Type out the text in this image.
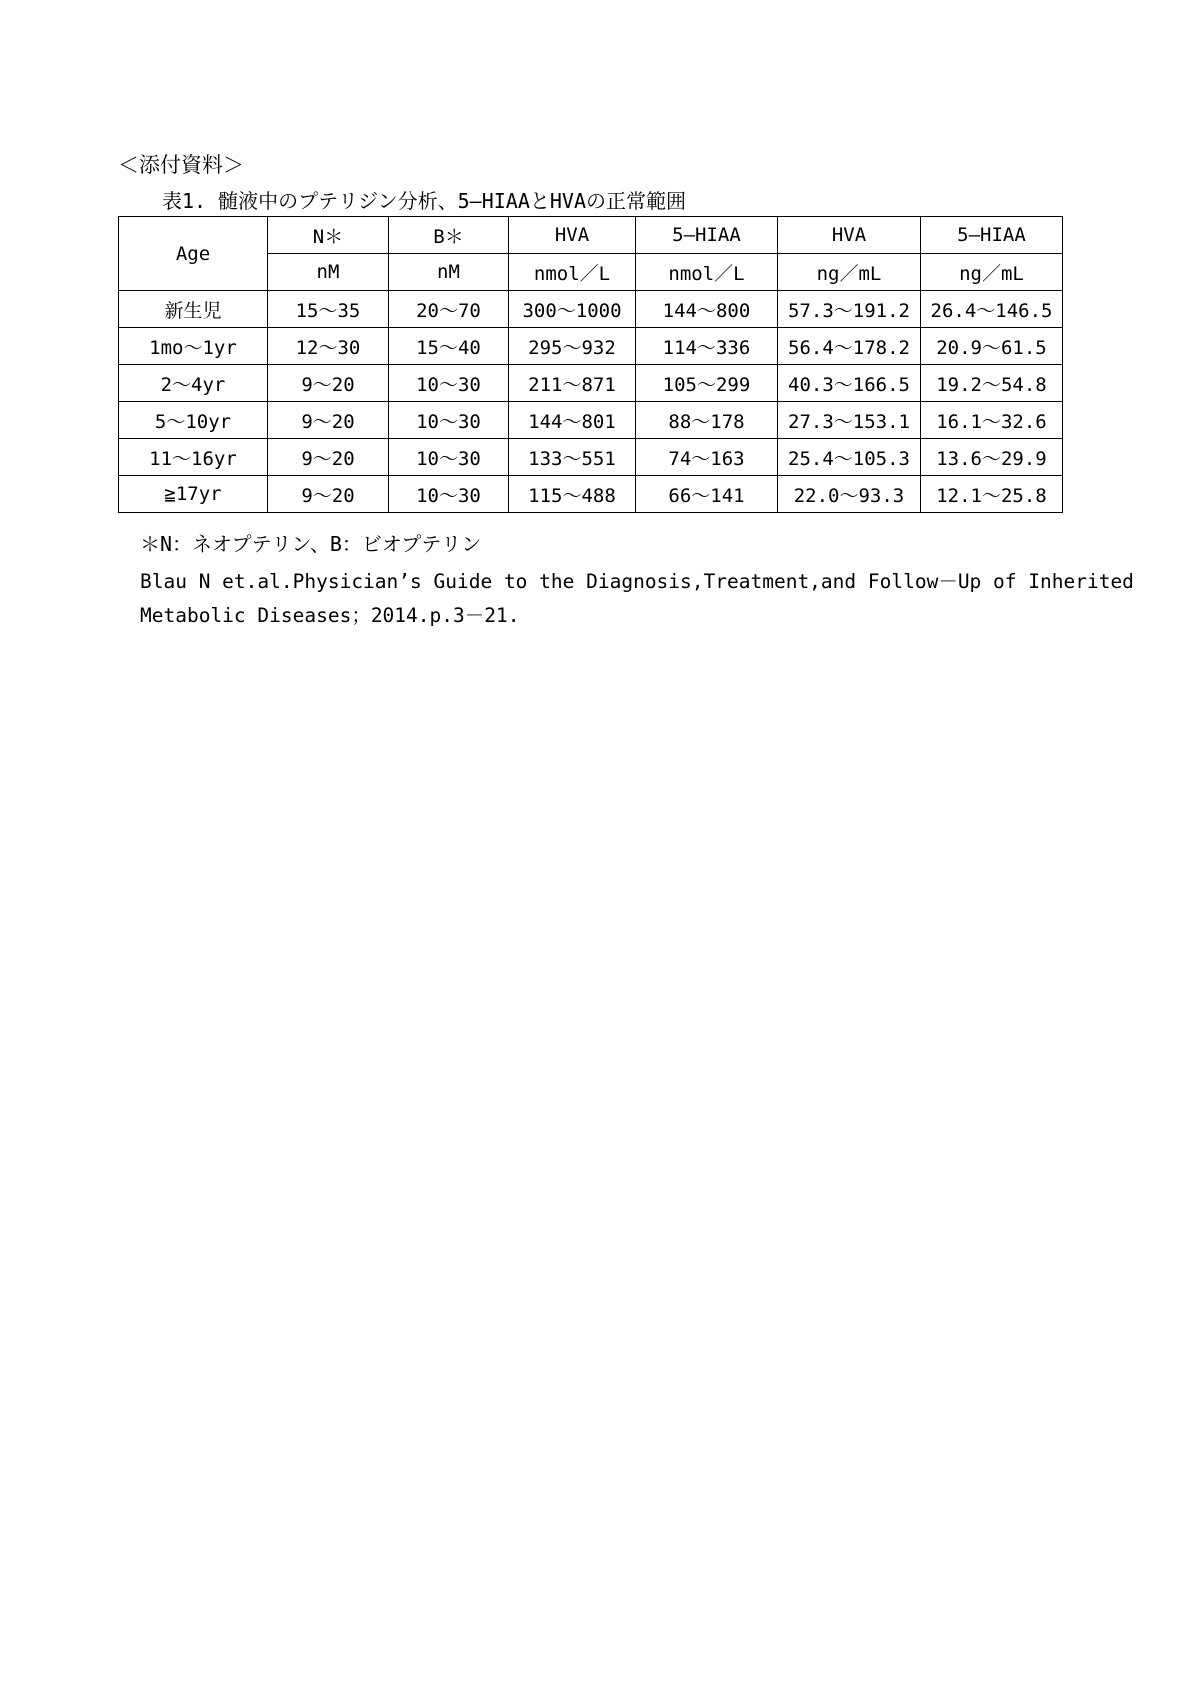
＜添付資料＞
表1. 髄液中のプテリジン分析、5―HIAAとHVAの正常範囲
Age	N＊	B＊	HVA	5―HIAA	HVA	5―HIAA
	nM	nM	nmol／L	nmol／L	ng／mL	ng／mL
新生児	15〜35	20〜70	300〜1000	144〜800	57.3〜191.2	26.4〜146.5
1mo〜1yr	12〜30	15〜40	295〜932	114〜336	56.4〜178.2	20.9〜61.5
2〜4yr	9〜20	10〜30	211〜871	105〜299	40.3〜166.5	19.2〜54.8
5〜10yr	9〜20	10〜30	144〜801	88〜178	27.3〜153.1	16.1〜32.6
11〜16yr	9〜20	10〜30	133〜551	74〜163	25.4〜105.3	13.6〜29.9
≧17yr	9〜20	10〜30	115〜488	66〜141	22.0〜93.3	12.1〜25.8
＊N：ネオプテリン、B：ビオプテリン
Blau N et.al.Physician’s Guide to the Diagnosis,Treatment,and Follow－Up of Inherited
Metabolic Diseases；2014.p.3－21.
